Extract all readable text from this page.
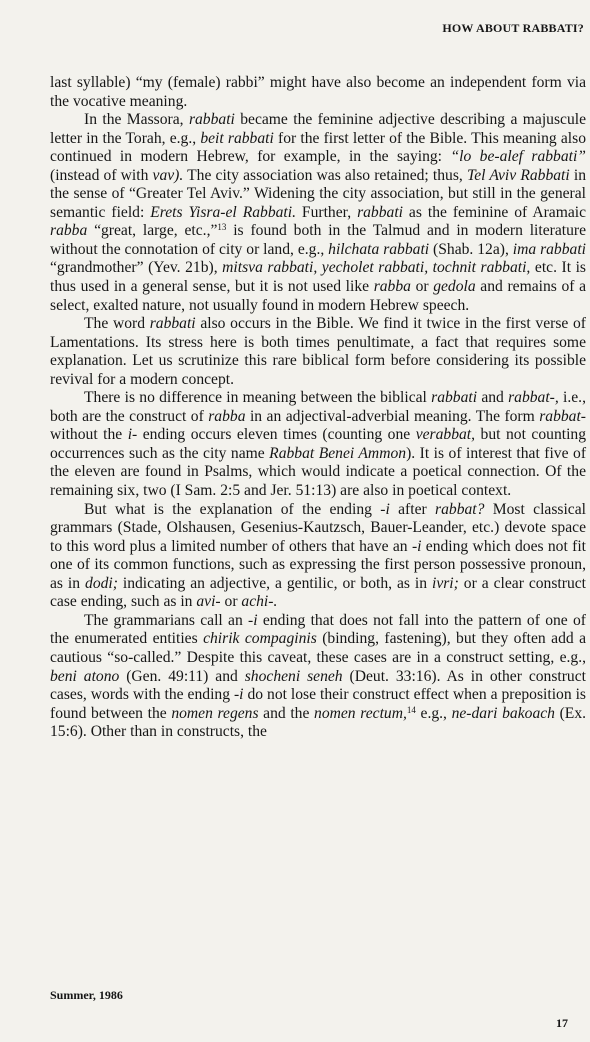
HOW ABOUT RABBATI?

last syllable) “my (female) rabbi” might have also become an independent form via the vocative meaning.

In the Massora, rabbati became the feminine adjective describing a majuscule letter in the Torah, e.g., beit rabbati for the first letter of the Bible. This meaning also continued in modern Hebrew, for example, in the saying: “lo be-alef rabbati” (instead of with vav). The city association was also retained; thus, Tel Aviv Rabbati in the sense of “Greater Tel Aviv.” Widening the city association, but still in the general semantic field: Erets Yisra-el Rabbati. Further, rabbati as the feminine of Aramaic rabba “great, large, etc.,”$^{13}$ is found both in the Talmud and in modern literature without the connotation of city or land, e.g., hilchata rabbati (Shab. 12a), ima rabbati “grandmother” (Yev. 21b), mitsva rabbati, yecholet rabbati, tochnit rabbati, etc. It is thus used in a general sense, but it is not used like rabba or gedola and remains of a select, exalted nature, not usually found in modern Hebrew speech.

The word rabbati also occurs in the Bible. We find it twice in the first verse of Lamentations. Its stress here is both times penultimate, a fact that requires some explanation. Let us scrutinize this rare biblical form before considering its possible revival for a modern concept.

There is no difference in meaning between the biblical rabbati and rabbat-, i.e., both are the construct of rabba in an adjectival-adverbial meaning. The form rabbat- without the i- ending occurs eleven times (counting one verabbat, but not counting occurrences such as the city name Rabbat Benei Ammon). It is of interest that five of the eleven are found in Psalms, which would indicate a poetical connection. Of the remaining six, two (I Sam. 2:5 and Jer. 51:13) are also in poetical context.

But what is the explanation of the ending -i after rabbat? Most classical grammars (Stade, Olshausen, Gesenius-Kautzsch, Bauer-Leander, etc.) devote space to this word plus a limited number of others that have an -i ending which does not fit one of its common functions, such as expressing the first person possessive pronoun, as in dodi; indicating an adjective, a gentilic, or both, as in ivri; or a clear construct case ending, such as in avi- or achi-.

The grammarians call an -i ending that does not fall into the pattern of one of the enumerated entities chirik compaginis (binding, fastening), but they often add a cautious “so-called.” Despite this caveat, these cases are in a construct setting, e.g., beni atono (Gen. 49:11) and shocheni seneh (Deut. 33:16). As in other construct cases, words with the ending -i do not lose their construct effect when a preposition is found between the nomen regens and the nomen rectum,$^{14}$ e.g., ne-dari bakoach (Ex. 15:6). Other than in constructs, the

Summer, 1986
17
